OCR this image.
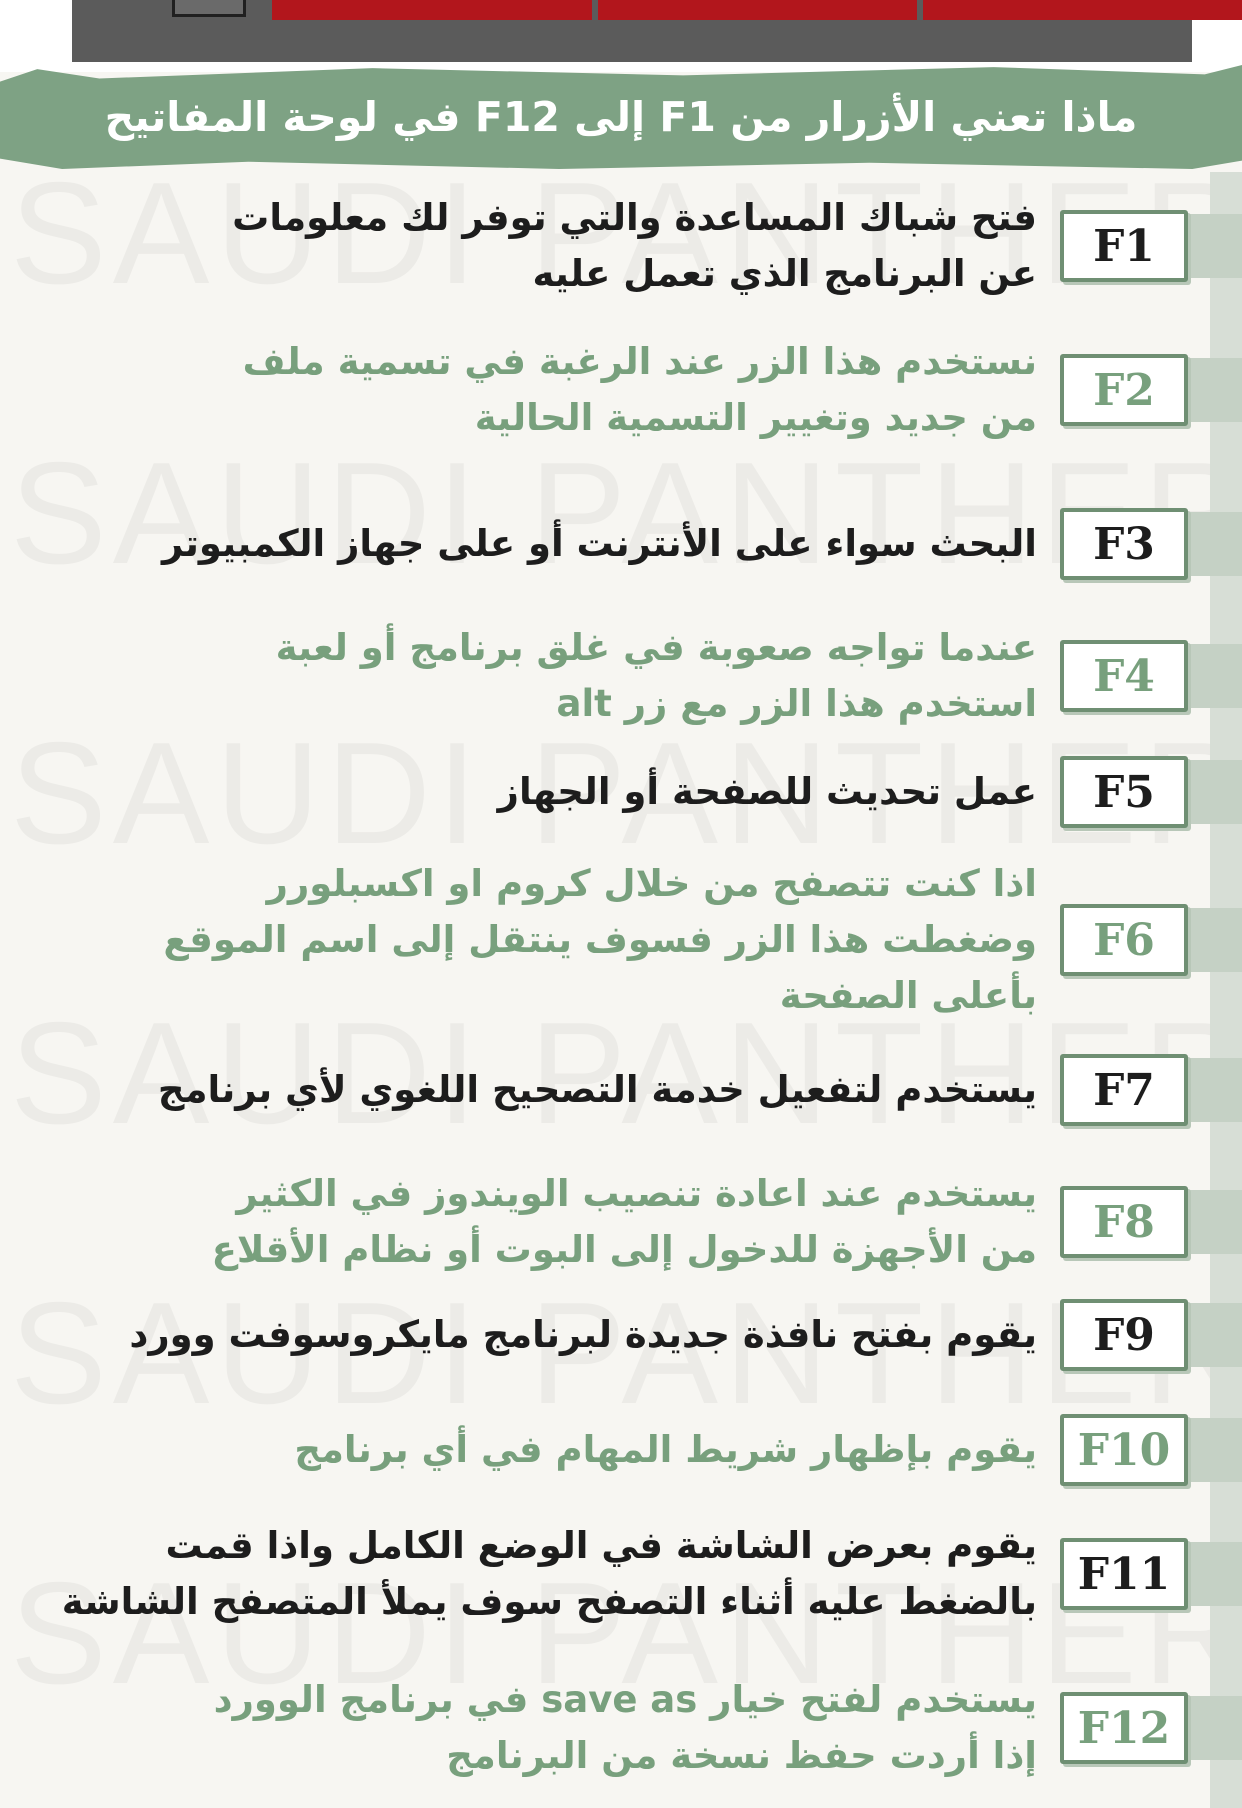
ماذا تعني الأزرار من F1 إلى F12 في لوحة المفاتيح
F1
فتح شباك المساعدة والتي توفر لك معلومات
عن البرنامج الذي تعمل عليه
F2
نستخدم هذا الزر عند الرغبة في تسمية ملف
من جديد وتغيير التسمية الحالية
F3
البحث سواء على الأنترنت أو على جهاز الكمبيوتر
F4
عندما تواجه صعوبة في غلق برنامج أو لعبة
استخدم هذا الزر مع زر alt
F5
عمل تحديث للصفحة أو الجهاز
F6
اذا كنت تتصفح من خلال كروم او اكسبلورر
وضغطت هذا الزر فسوف ينتقل إلى اسم الموقع
بأعلى الصفحة
F7
يستخدم لتفعيل خدمة التصحيح اللغوي لأي برنامج
F8
يستخدم عند اعادة تنصيب الويندوز في الكثير
من الأجهزة للدخول إلى البوت أو نظام الأقلاع
F9
يقوم بفتح نافذة جديدة لبرنامج مايكروسوفت وورد
F10
يقوم بإظهار شريط المهام في أي برنامج
F11
يقوم بعرض الشاشة في الوضع الكامل واذا قمت
بالضغط عليه أثناء التصفح سوف يملأ المتصفح الشاشة
F12
يستخدم لفتح خيار save as في برنامج الوورد
إذا أردت حفظ نسخة من البرنامج
